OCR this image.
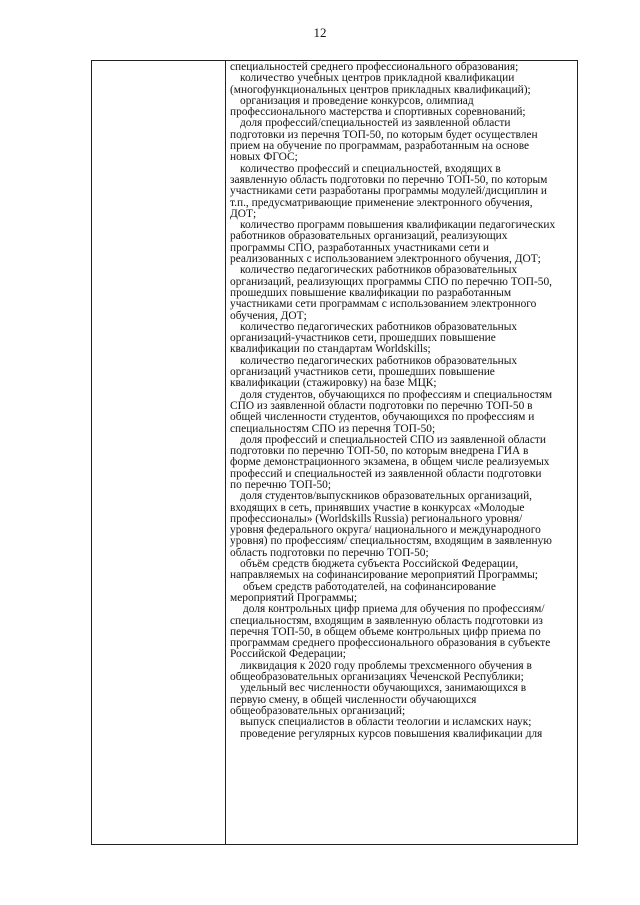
12

специальностей среднего профессионального образования;

количество учебных центров прикладной квалификации
(многофункциональных центров прикладных квалификаций);

организация и проведение конкурсов, олимпиад
профессионального мастерства и спортивных соревнований;

доля профессий/специальностей из заявленной области
подготовки из перечня ТОП-50, по которым будет осуществлен
прием на обучение по программам, разработанным на основе
новых ФГОС;

количество профессий и специальностей, входящих в
заявленную область подготовки по перечню ТОП-50, по которым
участниками сети разработаны программы модулей/дисциплин и
т.п., предусматривающие применение электронного обучения,
ДОТ;

количество программ повышения квалификации педагогических
работников образовательных организаций, реализующих
программы СПО, разработанных участниками сети и
реализованных с использованием электронного обучения, ДОТ;

количество педагогических работников образовательных
организаций, реализующих программы СПО по перечню ТОП-50,
прошедших повышение квалификации по разработанным
участниками сети программам с использованием электронного
обучения, ДОТ;

количество педагогических работников образовательных
организаций-участников сети, прошедших повышение
квалификации по стандартам Worldskills;

количество педагогических работников образовательных
организаций участников сети, прошедших повышение
квалификации (стажировку) на базе МЦК;

доля студентов, обучающихся по профессиям и специальностям
СПО из заявленной области подготовки по перечню ТОП-50 в
общей численности студентов, обучающихся по профессиям и
специальностям СПО из перечня ТОП-50;

доля профессий и специальностей СПО из заявленной области
подготовки по перечню ТОП-50, по которым внедрена ГИА в
форме демонстрационного экзамена, в общем числе реализуемых
профессий и специальностей из заявленной области подготовки
по перечню ТОП-50;

доля студентов/выпускников образовательных организаций,
входящих в сеть, принявших участие в конкурсах «Молодые
профессионалы» (Worldskills Russia) регионального уровня/
уровня федерального округа/ национального и международного
уровня) по профессиям/ специальностям, входящим в заявленную
область подготовки по перечню ТОП-50;

объём средств бюджета субъекта Российской Федерации,
направляемых на софинансирование мероприятий Программы;

объем средств работодателей, на софинансирование
мероприятий Программы;

доля контрольных цифр приема для обучения по профессиям/
специальностям, входящим в заявленную область подготовки из
перечня ТОП-50, в общем объеме контрольных цифр приема по
программам среднего профессионального образования в субъекте
Российской Федерации;

ликвидация к 2020 году проблемы трехсменного обучения в
общеобразовательных организациях Чеченской Республики;

удельный вес численности обучающихся, занимающихся в
первую смену, в общей численности обучающихся
общеобразовательных организаций;

выпуск специалистов в области теологии и исламских наук;

проведение регулярных курсов повышения квалификации для
